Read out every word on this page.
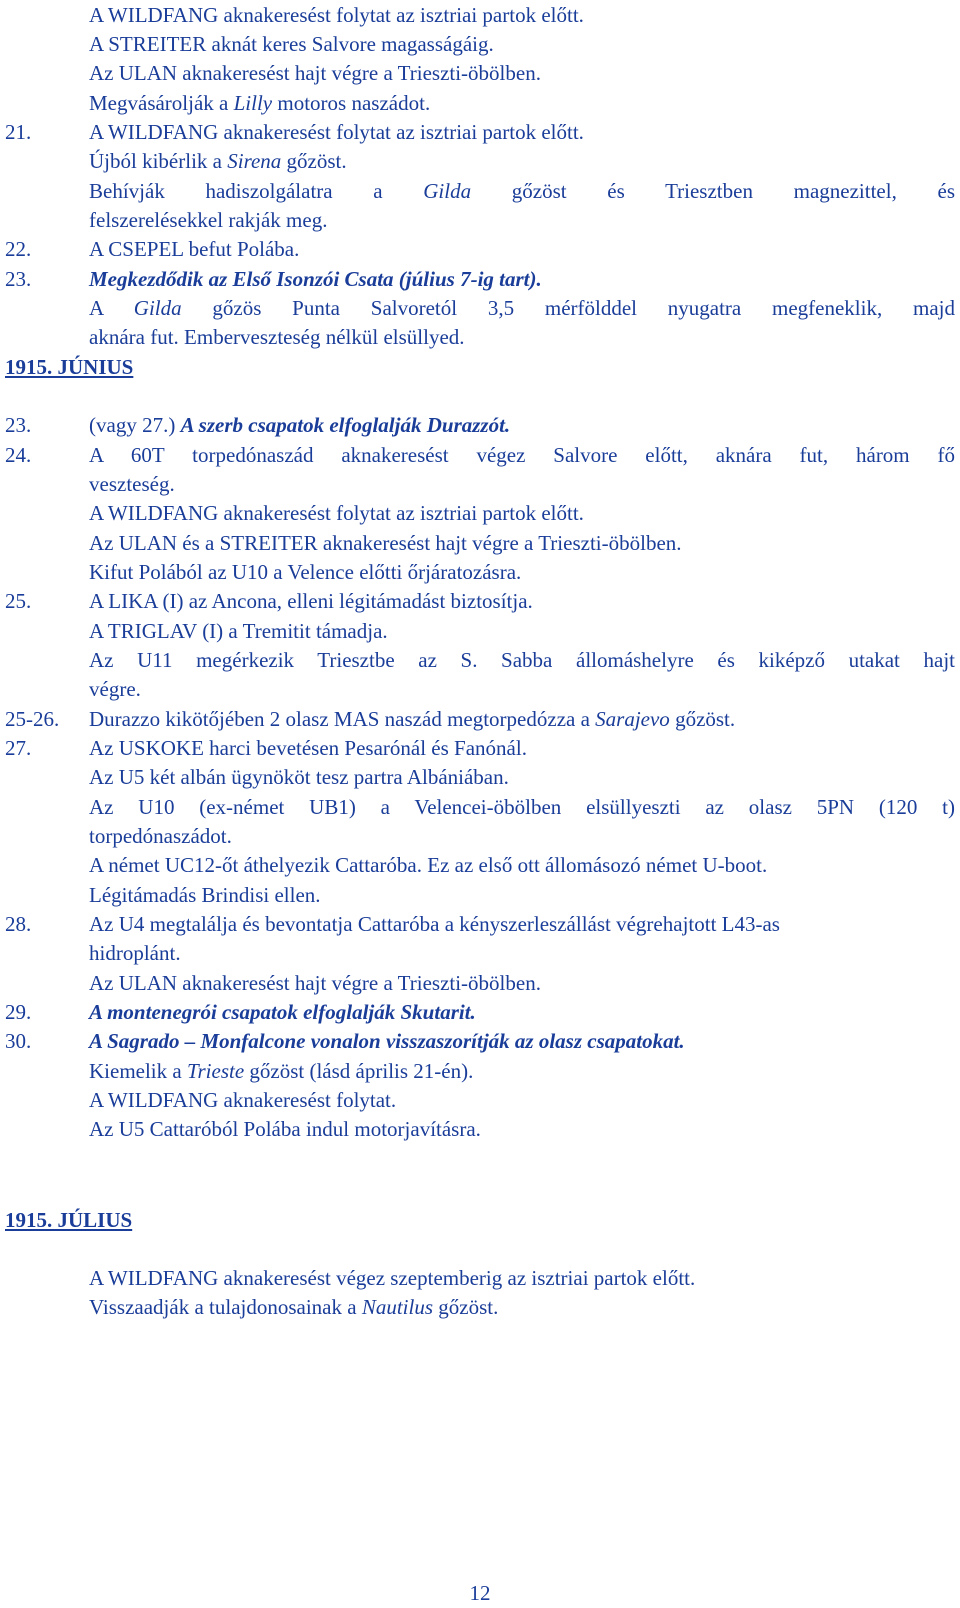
A WILDFANG aknakeresést folytat az isztriai partok előtt.
A STREITER aknát keres Salvore magasságáig.
Az ULAN aknakeresést hajt végre a Trieszti-öbölben.
Megvásárolják a Lilly motoros naszádot.
21.	A WILDFANG aknakeresést folytat az isztriai partok előtt.
Újból kibérlik a Sirena gőzöst.
Behívják hadiszolgálatra a Gilda gőzöst és Triesztben magnezittel, és
felszerelésekkel rakják meg.
22.	A CSEPEL befut Polába.
23.	Megkezdődik az Első Isonzói Csata (július 7-ig tart).
A Gilda gőzös Punta Salvoretól 3,5 mérfölddel nyugatra megfeneklik, majd
aknára fut. Emberveszteség nélkül elsüllyed.
1915. JÚNIUS
23.	(vagy 27.) A szerb csapatok elfoglalják Durazzót.
24.	A 60T torpedónaszád aknakeresést végez Salvore előtt, aknára fut, három fő
veszteség.
A WILDFANG aknakeresést folytat az isztriai partok előtt.
Az ULAN és a STREITER aknakeresést hajt végre a Trieszti-öbölben.
Kifut Polából az U10 a Velence előtti őrjáratozásra.
25.	A LIKA (I) az Ancona, elleni légitámadást biztosítja.
A TRIGLAV (I) a Tremitit támadja.
Az U11 megérkezik Triesztbe az S. Sabba állomáshelyre és kiképző utakat hajt
végre.
25-26. Durazzo kikötőjében 2 olasz MAS naszád megtorpedózza a Sarajevo gőzöst.
27.	Az USKOKE harci bevetésen Pesarónál és Fanónál.
Az U5 két albán ügynököt tesz partra Albániában.
Az U10 (ex-német UB1) a Velencei-öbölben elsüllyeszti az olasz 5PN (120 t)
torpedónaszádot.
A német UC12-őt áthelyezik Cattaróba. Ez az első ott állomásozó német U-boot.
Légitámadás Brindisi ellen.
28.	Az U4 megtalálja és bevontatja Cattaróba a kényszerleszállást végrehajtott L43-as
hidroplánt.
Az ULAN aknakeresést hajt végre a Trieszti-öbölben.
29.	A montenegrói csapatok elfoglalják Skutarit.
30.	A Sagrado – Monfalcone vonalon visszaszorítják az olasz csapatokat.
Kiemelik a Trieste gőzöst (lásd április 21-én).
A WILDFANG aknakeresést folytat.
Az U5 Cattaróból Polába indul motorjavításra.
1915. JÚLIUS
A WILDFANG aknakeresést végez szeptemberig az isztriai partok előtt.
Visszaadják a tulajdonosainak a Nautilus gőzöst.
12
